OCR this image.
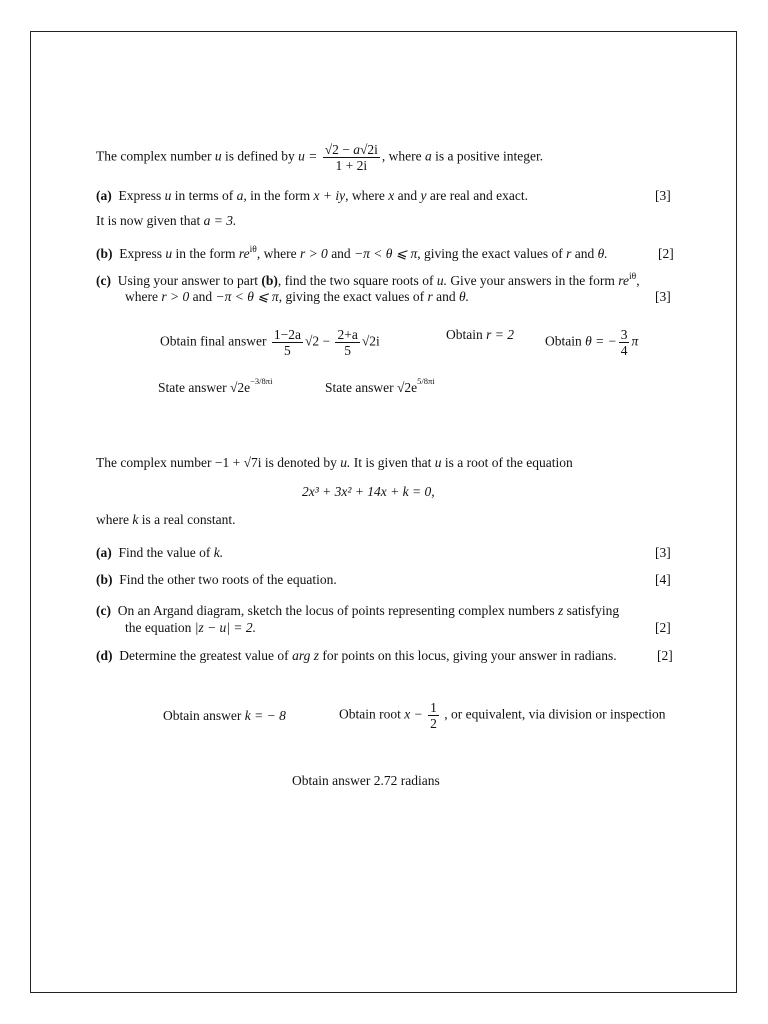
The complex number u is defined by $u = \frac{√2 - a√2i}{1 + 2i}$ , where a is a positive integer.
(a) Express u in terms of a, in the form x + iy, where x and y are real and exact.	[3]
It is now given that a = 3.
(b) Express u in the form $re^{i\theta}$, where r > 0 and −π < θ ⩽ π, giving the exact values of r and θ.	[2]
(c) Using your answer to part (b), find the two square roots of u. Give your answers in the form $re^{i\theta}$,
where r > 0 and −π < θ ⩽ π, giving the exact values of r and θ.	[3]
Obtain final answer $\frac{1-2a}{5} √2 - \frac{2+a}{5} √2i$	Obtain r = 2 Obtain θ = − $\frac{3}{4}$ π
State answer $√2e^{-3/8\pi i}$	State answer $√2e^{5/8\pi i}$
The complex number −1 + √7i is denoted by u. It is given that u is a root of the equation
2x³ + 3x² + 14x + k = 0,
where k is a real constant.
(a) Find the value of k.	[3]
(b) Find the other two roots of the equation.	[4]
(c) On an Argand diagram, sketch the locus of points representing complex numbers z satisfying
the equation |z − u| = 2.	[2]
(d) Determine the greatest value of arg z for points on this locus, giving your answer in radians.	[2]
Obtain answer k = − 8	Obtain root $x - \frac{1}{2}$ , or equivalent, via division or inspection
Obtain answer 2.72 radians
